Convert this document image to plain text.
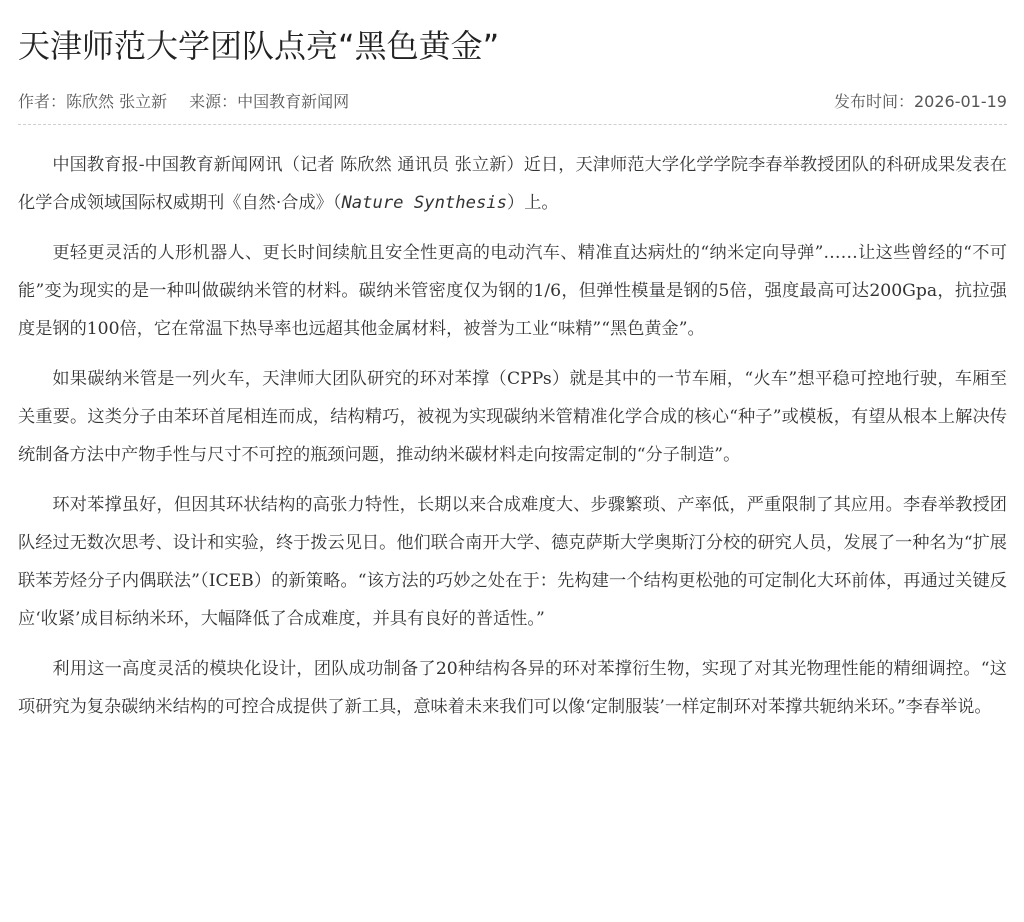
天津师范大学团队点亮“黑色黄金”
作者：陈欣然 张立新 来源：中国教育新闻网	发布时间：2026-01-19

中国教育报-中国教育新闻网讯（记者 陈欣然 通讯员 张立新）近日，天津师范大学化学学院李春举教授团队的科研成果发表在化学合成领域国际权威期刊《自然·合成》（Nature Synthesis）上。

更轻更灵活的人形机器人、更长时间续航且安全性更高的电动汽车、精准直达病灶的“纳米定向导弹”……让这些曾经的“不可能”变为现实的是一种叫做碳纳米管的材料。碳纳米管密度仅为钢的1/6，但弹性模量是钢的5倍，强度最高可达200Gpa，抗拉强度是钢的100倍，它在常温下热导率也远超其他金属材料，被誉为工业“味精”“黑色黄金”。

如果碳纳米管是一列火车，天津师大团队研究的环对苯撑（CPPs）就是其中的一节车厢，“火车”想平稳可控地行驶，车厢至关重要。这类分子由苯环首尾相连而成，结构精巧，被视为实现碳纳米管精准化学合成的核心“种子”或模板，有望从根本上解决传统制备方法中产物手性与尺寸不可控的瓶颈问题，推动纳米碳材料走向按需定制的“分子制造”。

环对苯撑虽好，但因其环状结构的高张力特性，长期以来合成难度大、步骤繁琐、产率低，严重限制了其应用。李春举教授团队经过无数次思考、设计和实验，终于拨云见日。他们联合南开大学、德克萨斯大学奥斯汀分校的研究人员，发展了一种名为“扩展联苯芳烃分子内偶联法”（ICEB）的新策略。“该方法的巧妙之处在于：先构建一个结构更松弛的可定制化大环前体，再通过关键反应‘收紧’成目标纳米环，大幅降低了合成难度，并具有良好的普适性。”

利用这一高度灵活的模块化设计，团队成功制备了20种结构各异的环对苯撑衍生物，实现了对其光物理性能的精细调控。“这项研究为复杂碳纳米结构的可控合成提供了新工具，意味着未来我们可以像‘定制服装’一样定制环对苯撑共轭纳米环。”李春举说。
